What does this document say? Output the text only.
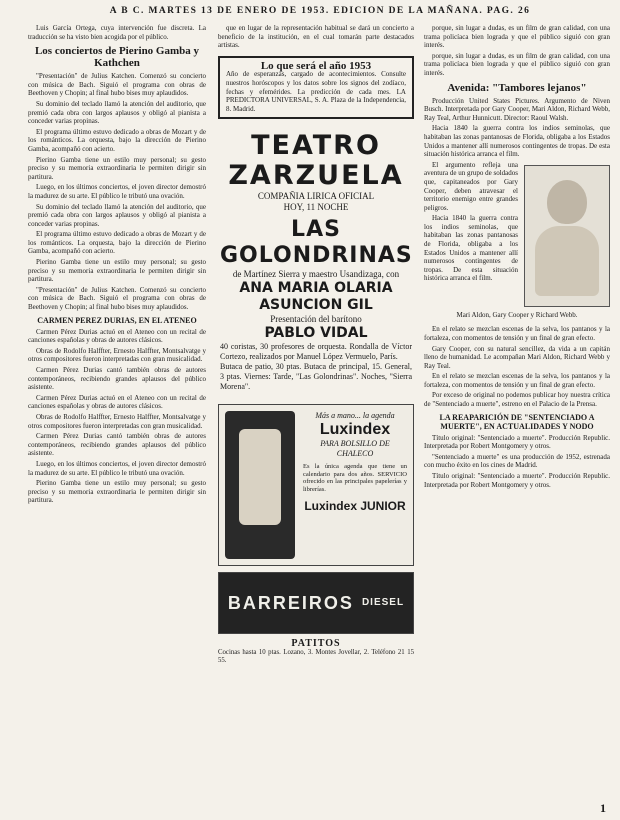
A B C. MARTES 13 DE ENERO DE 1953. EDICION DE LA MAÑANA. PAG. 26

Luis García Ortega, cuya intervención fue discreta. La traducción se ha visto bien acogida por el público.

Los conciertos de Pierino Gamba y Kathchen

"Presentación" de Julius Katchen. Comenzó su concierto con música de Bach. Siguió el programa con obras de Beethoven y Chopin; al final hubo bises muy aplaudidos.

Su dominio del teclado llamó la atención del auditorio, que premió cada obra con largos aplausos y obligó al pianista a conceder varias propinas.

El programa último estuvo dedicado a obras de Mozart y de los románticos. La orquesta, bajo la dirección de Pierino Gamba, acompañó con acierto.

Pierino Gamba tiene un estilo muy personal; su gesto preciso y su memoria extraordinaria le permiten dirigir sin partitura.

Luego, en los últimos conciertos, el joven director demostró la madurez de su arte. El público le tributó una ovación.

Su dominio del teclado llamó la atención del auditorio, que premió cada obra con largos aplausos y obligó al pianista a conceder varias propinas.

El programa último estuvo dedicado a obras de Mozart y de los románticos. La orquesta, bajo la dirección de Pierino Gamba, acompañó con acierto.

Pierino Gamba tiene un estilo muy personal; su gesto preciso y su memoria extraordinaria le permiten dirigir sin partitura.

"Presentación" de Julius Katchen. Comenzó su concierto con música de Bach. Siguió el programa con obras de Beethoven y Chopin; al final hubo bises muy aplaudidos.

CARMEN PEREZ DURIAS, EN EL ATENEO

Carmen Pérez Durias actuó en el Ateneo con un recital de canciones españolas y obras de autores clásicos.

Obras de Rodolfo Halffter, Ernesto Halffter, Montsalvatge y otros compositores fueron interpretadas con gran musicalidad.

Carmen Pérez Durias cantó también obras de autores contemporáneos, recibiendo grandes aplausos del público asistente.

Carmen Pérez Durias actuó en el Ateneo con un recital de canciones españolas y obras de autores clásicos.

Obras de Rodolfo Halffter, Ernesto Halffter, Montsalvatge y otros compositores fueron interpretadas con gran musicalidad.

Carmen Pérez Durias cantó también obras de autores contemporáneos, recibiendo grandes aplausos del público asistente.

Luego, en los últimos conciertos, el joven director demostró la madurez de su arte. El público le tributó una ovación.

Pierino Gamba tiene un estilo muy personal; su gesto preciso y su memoria extraordinaria le permiten dirigir sin partitura.

que en lugar de la representación habitual se dará un concierto a beneficio de la institución, en el cual tomarán parte destacados artistas.

Lo que será el año 1953
Año de esperanzas, cargado de acontecimientos. Consulte nuestros horóscopos y los datos sobre los signos del zodíaco, fechas y efemérides. La predicción de cada mes. LA PREDICTORA UNIVERSAL, S. A. Plaza de la Independencia, 8. Madrid.
TEATRO ZARZUELA
COMPAÑIA LIRICA OFICIAL
HOY, 11 NOCHE
LAS GOLONDRINAS
de Martínez Sierra y maestro Usandizaga, con
ANA MARIA OLARIA
ASUNCION GIL
Presentación del barítono
PABLO VIDAL
40 coristas, 30 profesores de orquesta. Rondalla de Víctor Cortezo, realizados por Manuel López Vermuelo, París.
Butaca de patio, 30 ptas. Butaca de principal, 15. General, 3 ptas. Viernes: Tarde, "Las Golondrinas". Noches, "Sierra Morena".
Más a mano... la agenda
Luxindex
PARA BOLSILLO DE CHALECO
Es la única agenda que tiene un calendario para dos años. SERVICIO ofrecido en las principales papelerías y librerías.
Luxindex JUNIOR
BARREIROS DIESEL
PATITOS
Cocinas hasta 10 ptas. Lozano, 3. Montes Jovellar, 2. Teléfono 21 15 55.

porque, sin lugar a dudas, es un film de gran calidad, con una trama policíaca bien lograda y que el público siguió con gran interés.

porque, sin lugar a dudas, es un film de gran calidad, con una trama policíaca bien lograda y que el público siguió con gran interés.

Avenida: "Tambores lejanos"

Producción United States Pictures. Argumento de Niven Busch. Interpretada por Gary Cooper, Mari Aldon, Richard Webb, Ray Teal, Arthur Hunnicutt. Director: Raoul Walsh.

Hacia 1840 la guerra contra los indios seminolas, que habitaban las zonas pantanosas de Florida, obligaba a los Estados Unidos a mantener allí numerosos contingentes de tropas. De esta situación histórica arranca el film.

El argumento refleja una aventura de un grupo de soldados que, capitaneados por Gary Cooper, deben atravesar el territorio enemigo entre grandes peligros.

Hacia 1840 la guerra contra los indios seminolas, que habitaban las zonas pantanosas de Florida, obligaba a los Estados Unidos a mantener allí numerosos contingentes de tropas. De esta situación histórica arranca el film.

Mari Aldon, Gary Cooper y Richard Webb.

En el relato se mezclan escenas de la selva, los pantanos y la fortaleza, con momentos de tensión y un final de gran efecto.

Gary Cooper, con su natural sencillez, da vida a un capitán lleno de humanidad. Le acompañan Mari Aldon, Richard Webb y Ray Teal.

En el relato se mezclan escenas de la selva, los pantanos y la fortaleza, con momentos de tensión y un final de gran efecto.

Por exceso de original no podemos publicar hoy nuestra crítica de "Sentenciado a muerte", estreno en el Palacio de la Prensa.

LA REAPARICIÓN DE "SENTENCIADO A MUERTE", EN ACTUALIDADES Y NODO

Título original: "Sentenciado a muerte". Producción Republic. Interpretada por Robert Montgomery y otros.

"Sentenciado a muerte" es una producción de 1952, estrenada con mucho éxito en los cines de Madrid.

Título original: "Sentenciado a muerte". Producción Republic. Interpretada por Robert Montgomery y otros.

1
